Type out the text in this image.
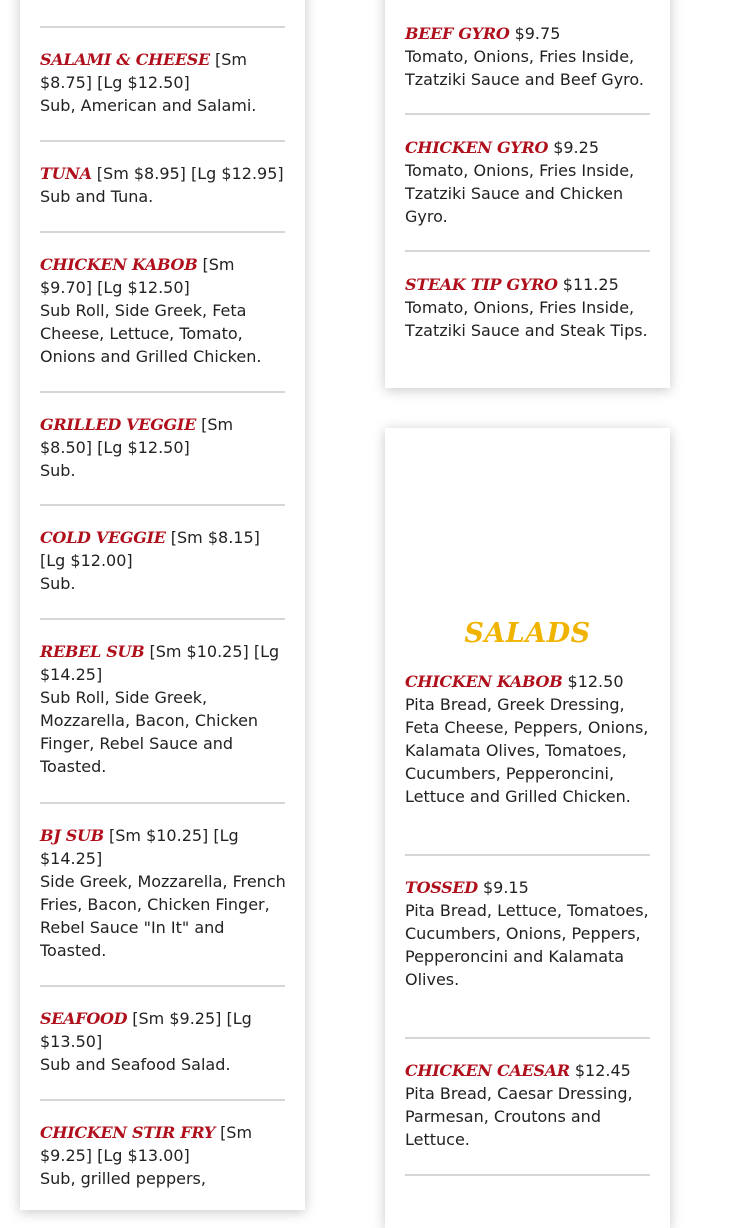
SALAMI & CHEESE [Sm $8.75] [Lg $12.50]
Sub, American and Salami.
TUNA [Sm $8.95] [Lg $12.95]
Sub and Tuna.
CHICKEN KABOB [Sm $9.70] [Lg $12.50]
Sub Roll, Side Greek, Feta Cheese, Lettuce, Tomato, Onions and Grilled Chicken.
GRILLED VEGGIE [Sm $8.50] [Lg $12.50]
Sub.
COLD VEGGIE [Sm $8.15] [Lg $12.00]
Sub.
REBEL SUB [Sm $10.25] [Lg $14.25]
Sub Roll, Side Greek, Mozzarella, Bacon, Chicken Finger, Rebel Sauce and Toasted.
BJ SUB [Sm $10.25] [Lg $14.25]
Side Greek, Mozzarella, French Fries, Bacon, Chicken Finger, Rebel Sauce "In It" and Toasted.
SEAFOOD [Sm $9.25] [Lg $13.50]
Sub and Seafood Salad.
CHICKEN STIR FRY [Sm $9.25] [Lg $13.00]
Sub, grilled peppers,
BEEF GYRO $9.75
Tomato, Onions, Fries Inside, Tzatziki Sauce and Beef Gyro.
CHICKEN GYRO $9.25
Tomato, Onions, Fries Inside, Tzatziki Sauce and Chicken Gyro.
STEAK TIP GYRO $11.25
Tomato, Onions, Fries Inside, Tzatziki Sauce and Steak Tips.
SALADS
CHICKEN KABOB $12.50
Pita Bread, Greek Dressing, Feta Cheese, Peppers, Onions, Kalamata Olives, Tomatoes, Cucumbers, Pepperoncini, Lettuce and Grilled Chicken.
TOSSED $9.15
Pita Bread, Lettuce, Tomatoes, Cucumbers, Onions, Peppers, Pepperoncini and Kalamata Olives.
CHICKEN CAESAR $12.45
Pita Bread, Caesar Dressing, Parmesan, Croutons and Lettuce.
